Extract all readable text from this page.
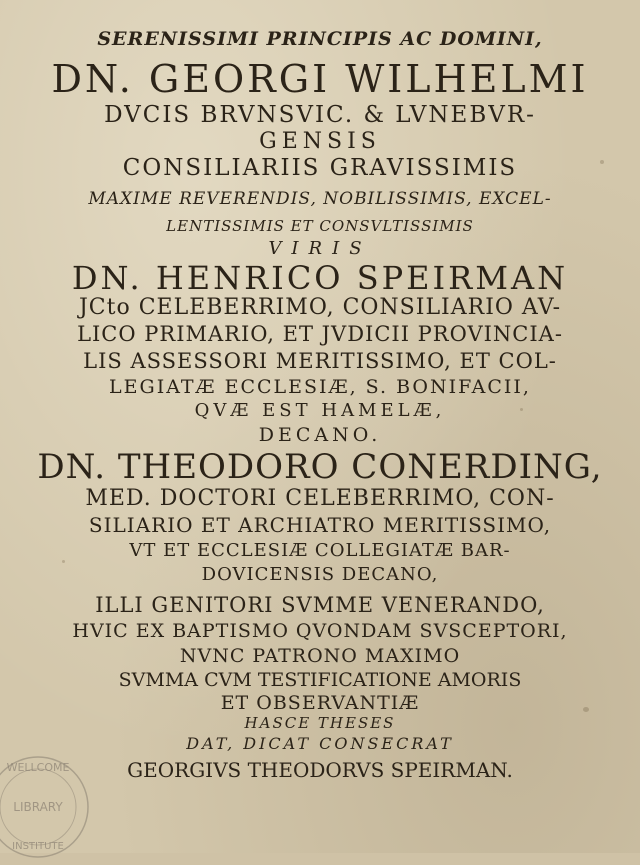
SERENISSIMI PRINCIPIS AC DOMINI,
DN. GEORGI WILHELMI
DVCIS BRVNSVIC. & LVNEBVR-
GENSIS
CONSILIARIIS GRAVISSIMIS
MAXIME REVERENDIS, NOBILISSIMIS, EXCEL-
LENTISSIMIS ET CONSVLTISSIMIS
VIRIS
DN. HENRICO SPEIRMAN
JCto CELEBERRIMO, CONSILIARIO AV-
LICO PRIMARIO, ET JVDICII PROVINCIA-
LIS ASSESSORI MERITISSIMO, ET COL-
LEGIATÆ ECCLESIÆ, S. BONIFACII,
QVÆ EST HAMELÆ,
DECANO.
DN. THEODORO CONERDING,
MED. DOCTORI CELEBERRIMO, CON-
SILIARIO ET ARCHIATRO MERITISSIMO,
VT ET ECCLESIÆ COLLEGIATÆ BAR-
DOVICENSIS DECANO,
ILLI GENITORI SVMME VENERANDO,
HVIC EX BAPTISMO QVONDAM SVSCEPTORI,
NVNC PATRONO MAXIMO
SVMMA CVM TESTIFICATIONE AMORIS
ET OBSERVANTIÆ
HASCE THESES
DAT, DICAT CONSECRAT
GEORGIVS THEODORVS SPEIRMAN.
WELLCOME
LIBRARY
INSTITUTE
